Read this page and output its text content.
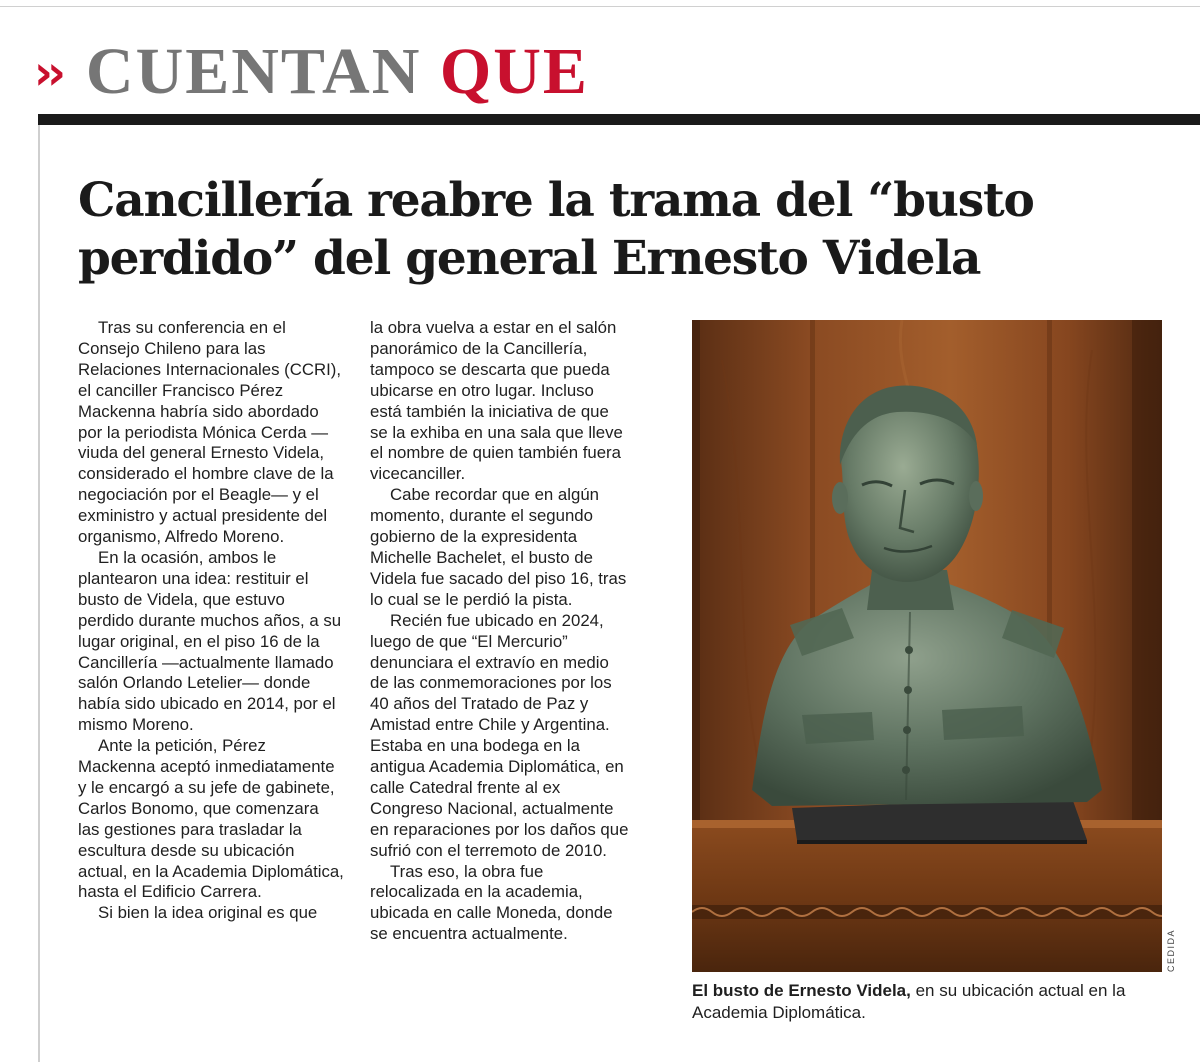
›› CUENTAN QUE
Cancillería reabre la trama del “busto perdido” del general Ernesto Videla

Tras su conferencia en el Consejo Chileno para las Relaciones Internacionales (CCRI), el canciller Francisco Pérez Mackenna habría sido abordado por la periodista Mónica Cerda —viuda del general Ernesto Videla, considerado el hombre clave de la negociación por el Beagle— y el exministro y actual presidente del organismo, Alfredo Moreno.

En la ocasión, ambos le plantearon una idea: restituir el busto de Videla, que estuvo perdido durante muchos años, a su lugar original, en el piso 16 de la Cancillería —actualmente llamado salón Orlando Letelier— donde había sido ubicado en 2014, por el mismo Moreno.

Ante la petición, Pérez Mackenna aceptó inmediatamente y le encargó a su jefe de gabinete, Carlos Bonomo, que comenzara las gestiones para trasladar la escultura desde su ubicación actual, en la Academia Diplomática, hasta el Edificio Carrera.

Si bien la idea original es que

la obra vuelva a estar en el salón panorámico de la Cancillería, tampoco se descarta que pueda ubicarse en otro lugar. Incluso está también la iniciativa de que se la exhiba en una sala que lleve el nombre de quien también fuera vicecanciller.

Cabe recordar que en algún momento, durante el segundo gobierno de la expresidenta Michelle Bachelet, el busto de Videla fue sacado del piso 16, tras lo cual se le perdió la pista.

Recién fue ubicado en 2024, luego de que “El Mercurio” denunciara el extravío en medio de las conmemoraciones por los 40 años del Tratado de Paz y Amistad entre Chile y Argentina. Estaba en una bodega en la antigua Academia Diplomática, en calle Catedral frente al ex Congreso Nacional, actualmente en reparaciones por los daños que sufrió con el terremoto de 2010.

Tras eso, la obra fue relocalizada en la academia, ubicada en calle Moneda, donde se encuentra actualmente.	CEDIDA

El busto de Ernesto Videla, en su ubicación actual en la Academia Diplomática.
